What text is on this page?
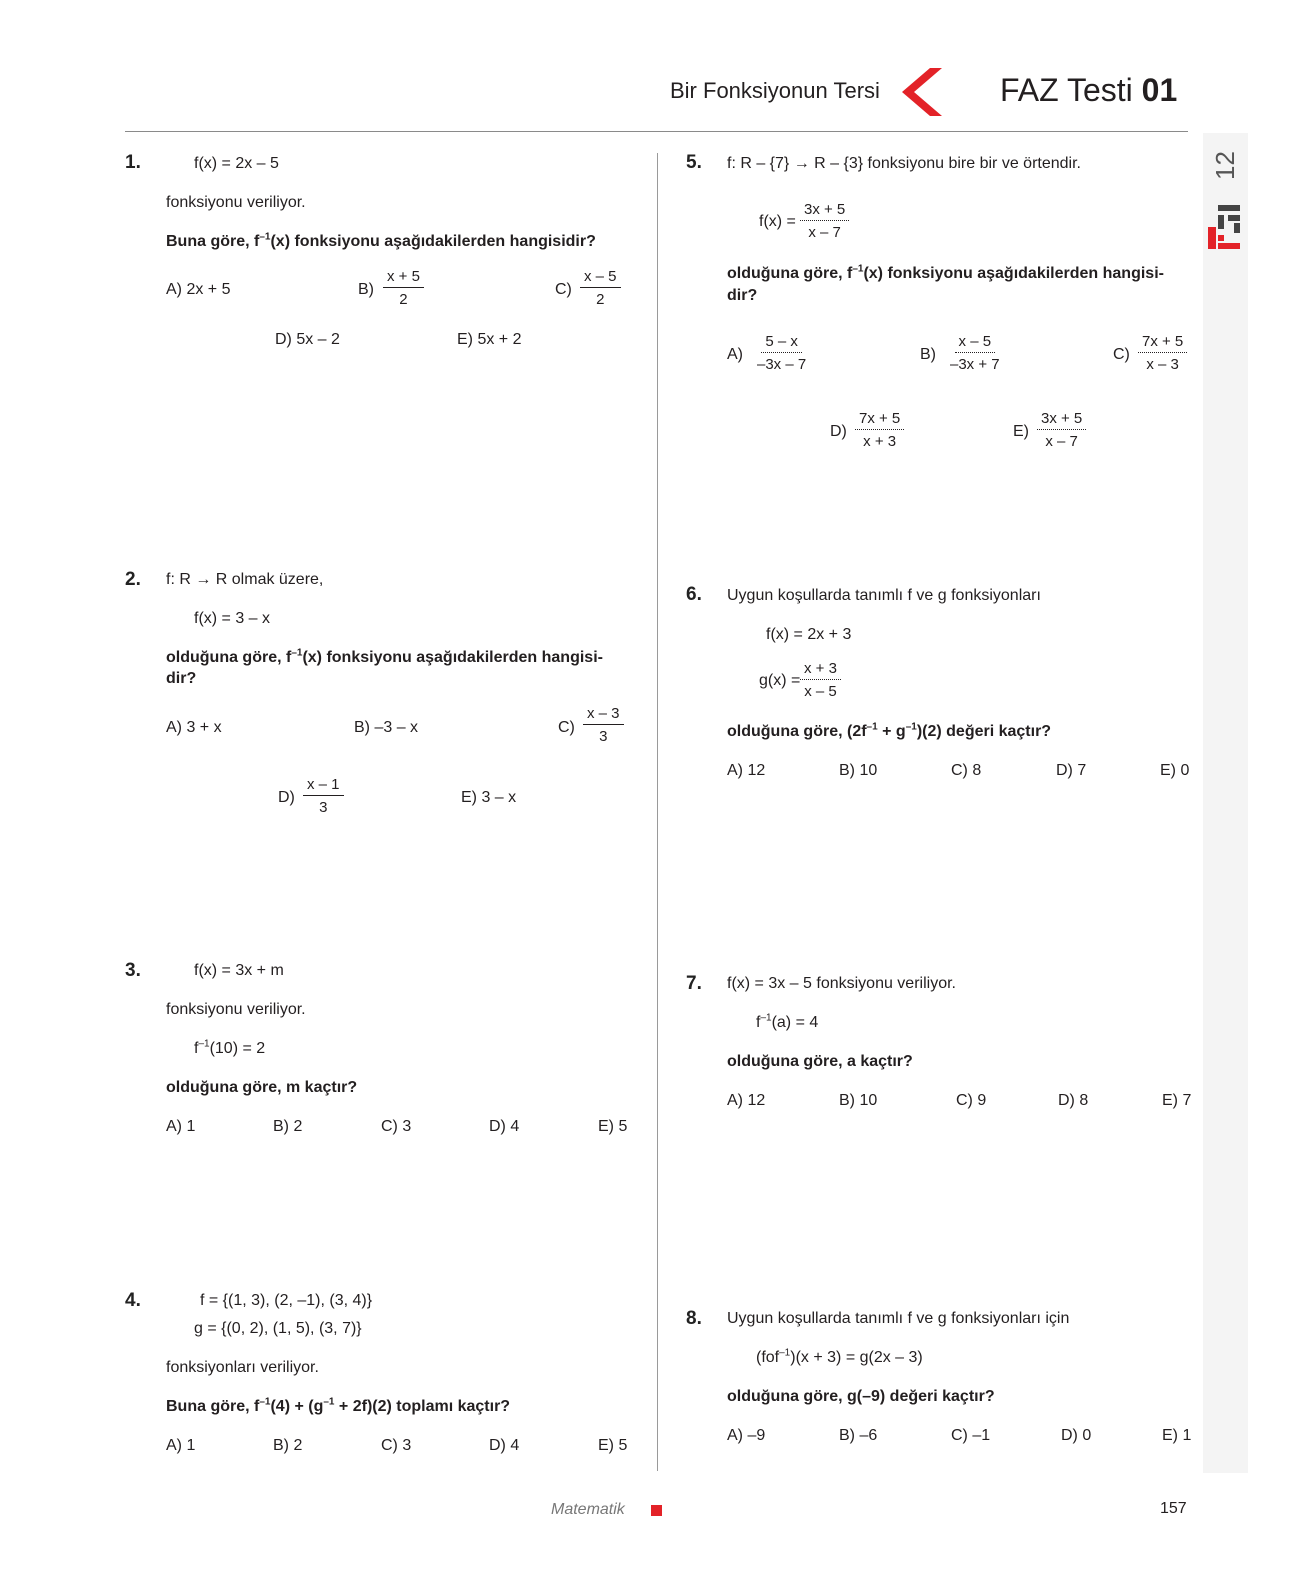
Bir Fonksiyonun Tersi	FAZ Testi 01
12
1.	f(x) = 2x – 5
fonksiyonu veriliyor.
Buna göre, $f^{-1}(x)$ fonksiyonu aşağıdakilerden hangisidir?
A) 2x + 5	$B) \frac{x + 5}{2}$	$C) \frac{x - 5}{2}$
D) 5x – 2	E) 5x + 2
2. f: R → R olmak üzere,
f(x) = 3 – x
olduğuna göre, $f^{-1}(x)$ fonksiyonu aşağıdakilerden hangisi-
dir?
A) 3 + x	B) –3 – x	$C) \frac{x - 3}{3}$
$D) \frac{x - 1}{3}$	E) 3 – x
3.	f(x) = 3x + m
fonksiyonu veriliyor.
$f^{-1}(10) = 2$
olduğuna göre, m kaçtır?
A) 1	B) 2	C) 3	D) 4	E) 5
4.	f = {(1, 3), (2, –1), (3, 4)}
g = {(0, 2), (1, 5), (3, 7)}
fonksiyonları veriliyor.
Buna göre, $f^{-1}(4) + (g^{-1} + 2f)(2)$ toplamı kaçtır?
A) 1	B) 2	C) 3	D) 4	E) 5
5. f: R – {7} → R – {3} fonksiyonu bire bir ve örtendir.
$f(x) = \frac{3x + 5}{x - 7}$
olduğuna göre, $f^{-1}(x)$ fonksiyonu aşağıdakilerden hangisi-
dir?
$A) \frac{5 - x}{-3x - 7}$	$B) \frac{x - 5}{-3x + 7}$	$C) \frac{7x + 5}{x - 3}$
$D) \frac{7x + 5}{x + 3}$	$E) \frac{3x + 5}{x - 7}$
6. Uygun koşullarda tanımlı f ve g fonksiyonları
f(x) = 2x + 3
$g(x) = \frac{x + 3}{x - 5}$
olduğuna göre, $(2f^{-1} + g^{-1})(2)$ değeri kaçtır?
A) 12	B) 10	C) 8	D) 7	E) 0
7. f(x) = 3x – 5 fonksiyonu veriliyor.
$f^{-1}(a) = 4$
olduğuna göre, a kaçtır?
A) 12	B) 10	C) 9	D) 8	E) 7
8. Uygun koşullarda tanımlı f ve g fonksiyonları için
(fof$^{-1}$)(x + 3) = g(2x – 3)
olduğuna göre, g(–9) değeri kaçtır?
A) –9	B) –6	C) –1	D) 0	E) 1
Matematik	157
